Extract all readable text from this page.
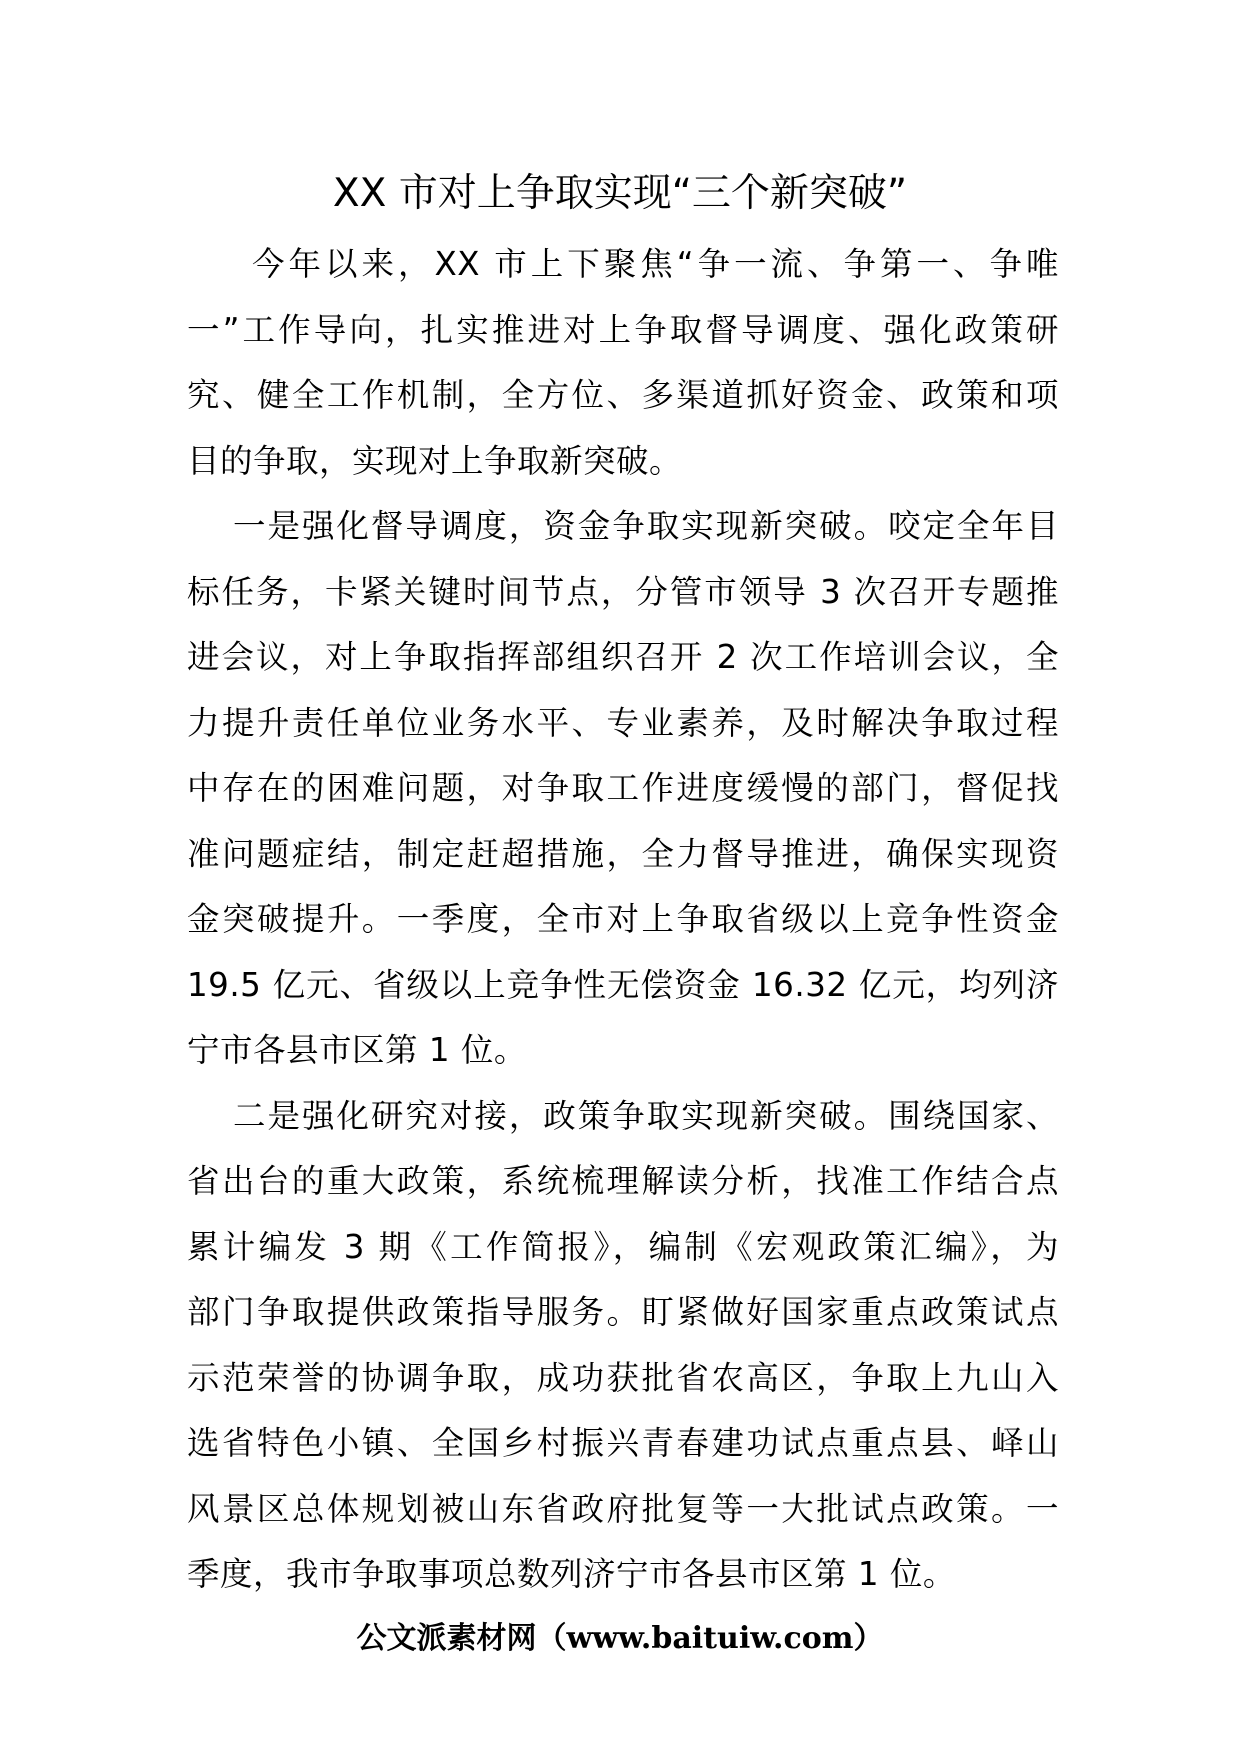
XX 市对上争取实现“三个新突破”

今年以来，XX 市上下聚焦“争一流、争第一、争唯
一”工作导向，扎实推进对上争取督导调度、强化政策研
究、健全工作机制，全方位、多渠道抓好资金、政策和项
目的争取，实现对上争取新突破。

一是强化督导调度，资金争取实现新突破。咬定全年目
标任务，卡紧关键时间节点，分管市领导 3 次召开专题推
进会议，对上争取指挥部组织召开 2 次工作培训会议，全
力提升责任单位业务水平、专业素养，及时解决争取过程
中存在的困难问题，对争取工作进度缓慢的部门，督促找
准问题症结，制定赶超措施，全力督导推进，确保实现资
金突破提升。一季度，全市对上争取省级以上竞争性资金
19.5 亿元、省级以上竞争性无偿资金 16.32 亿元，均列济
宁市各县市区第 1 位。

二是强化研究对接，政策争取实现新突破。围绕国家、
省出台的重大政策，系统梳理解读分析，找准工作结合点
累计编发 3 期《工作简报》，编制《宏观政策汇编》，为
部门争取提供政策指导服务。盯紧做好国家重点政策试点
示范荣誉的协调争取，成功获批省农高区，争取上九山入
选省特色小镇、全国乡村振兴青春建功试点重点县、峄山
风景区总体规划被山东省政府批复等一大批试点政策。一
季度，我市争取事项总数列济宁市各县市区第 1 位。

公文派素材网（www.baituiw.com）
